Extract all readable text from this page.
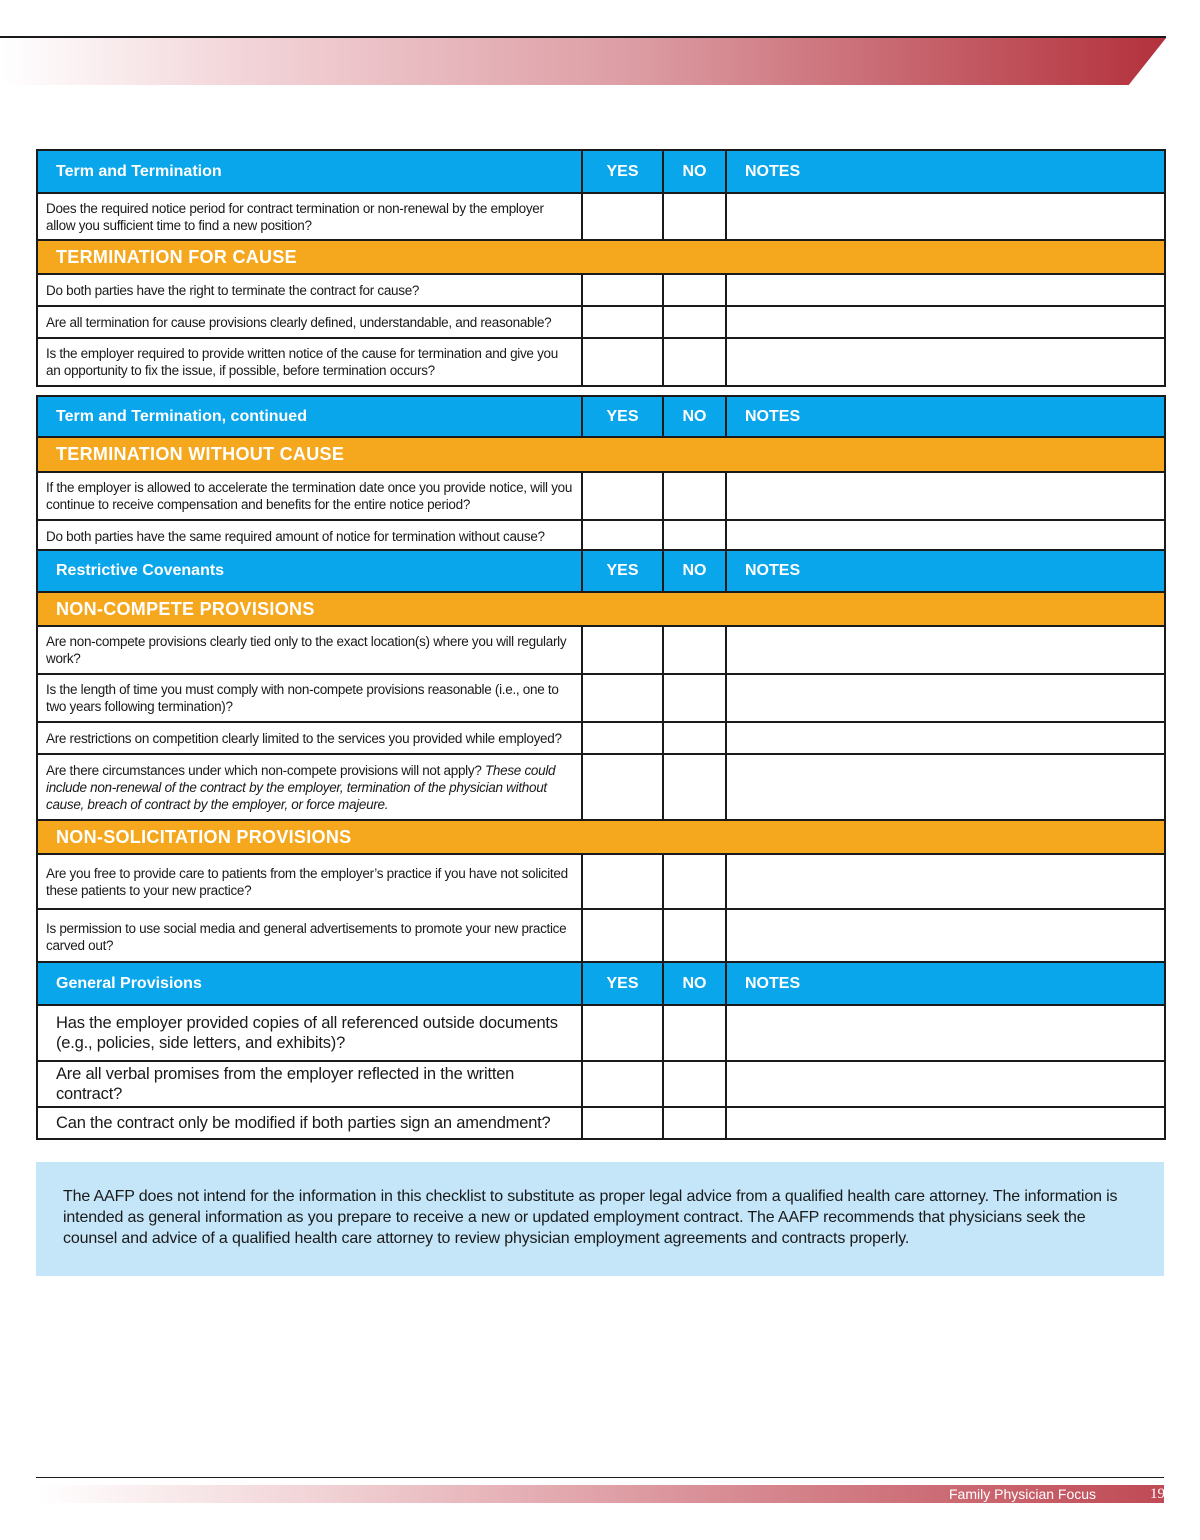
Term and Termination	YES	NO	NOTES
Does the required notice period for contract termination or non-renewal by the employer allow you sufficient time to find a new position?			
TERMINATION FOR CAUSE			
Do both parties have the right to terminate the contract for cause?			
Are all termination for cause provisions clearly defined, understandable, and reasonable?			
Is the employer required to provide written notice of the cause for termination and give you an opportunity to fix the issue, if possible, before termination occurs?			
Term and Termination, continued	YES	NO	NOTES
TERMINATION WITHOUT CAUSE			
If the employer is allowed to accelerate the termination date once you provide notice, will you continue to receive compensation and benefits for the entire notice period?			
Do both parties have the same required amount of notice for termination without cause?			
Restrictive Covenants	YES	NO	NOTES
NON-COMPETE PROVISIONS			
Are non-compete provisions clearly tied only to the exact location(s) where you will regularly work?			
Is the length of time you must comply with non-compete provisions reasonable (i.e., one to two years following termination)?			
Are restrictions on competition clearly limited to the services you provided while employed?			
Are there circumstances under which non-compete provisions will not apply? These could include non-renewal of the contract by the employer, termination of the physician without cause, breach of contract by the employer, or force majeure.			
NON-SOLICITATION PROVISIONS			
Are you free to provide care to patients from the employer’s practice if you have not solicited these patients to your new practice?			
Is permission to use social media and general advertisements to promote your new practice carved out?			
General Provisions	YES	NO	NOTES
Has the employer provided copies of all referenced outside documents (e.g., policies, side letters, and exhibits)?			
Are all verbal promises from the employer reflected in the written contract?			
Can the contract only be modified if both parties sign an amendment?			
The AAFP does not intend for the information in this checklist to substitute as proper legal advice from a qualified health care attorney. The information is intended as general information as you prepare to receive a new or updated employment contract. The AAFP recommends that physicians seek the counsel and advice of a qualified health care attorney to review physician employment agreements and contracts properly.
Family Physician Focus	19
